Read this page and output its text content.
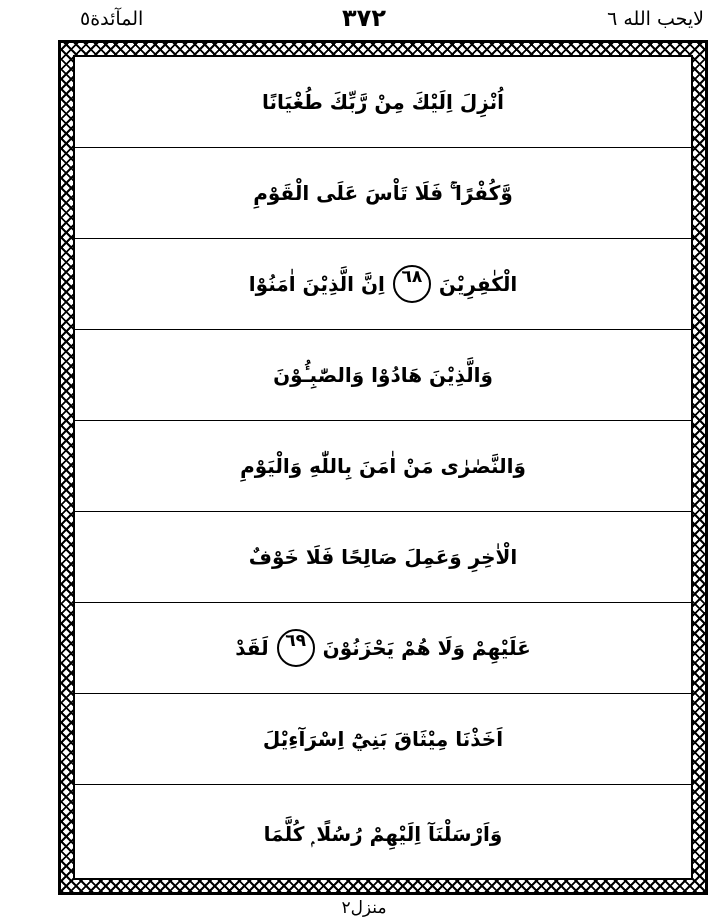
لايحب الله ٦
٣٧٢
المآئدة٥
اُنْزِلَ اِلَيْكَ مِنْ رَّبِّكَ طُغْيَانًا
وَّكُفْرًا ۚ فَلَا تَاْسَ عَلَى الْقَوْمِ
الْكٰفِرِيْنَ
٦٨
اِنَّ الَّذِيْنَ اٰمَنُوْا
وَالَّذِيْنَ هَادُوْا وَالصّٰبِـُٔوْنَ
وَالنَّصٰرٰى مَنْ اٰمَنَ بِاللّٰهِ وَالْيَوْمِ
الْاٰخِرِ وَعَمِلَ صَالِحًا فَلَا خَوْفٌ
عَلَيْهِمْ وَلَا هُمْ يَحْزَنُوْنَ
٦٩
لَقَدْ
اَخَذْنَا مِيْثَاقَ بَنِيْٓ اِسْرَآءِيْلَ
وَاَرْسَلْنَآ اِلَيْهِمْ رُسُلًا ۭ كُلَّمَا
منزل٢
